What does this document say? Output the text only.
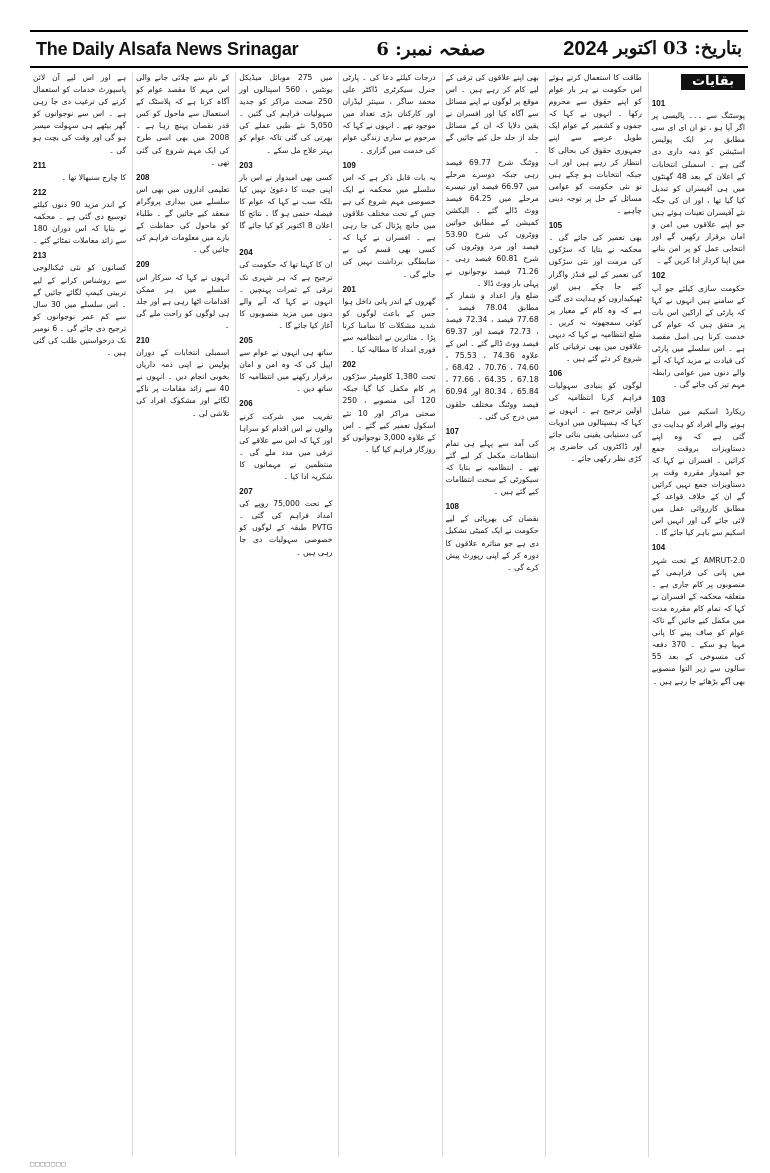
The Daily Alsafa News Srinagar	صفحہ نمبر: 6	بتاریخ:
03
اکتوبر
2024
بقایات
101

پوسٹنگ سے ۔۔۔ پالیسی پر اگر آیا ہو ، تو ان ای ای سی مطابق ہر ایک پولیس اسٹیشن کو ذمہ داری دی گئی ہے ۔ اسمبلی انتخابات کے اعلان کے بعد 48 گھنٹوں میں ہی آفیسران کو تبدیل کیا گیا تھا ، اور ان کی جگہ نئے آفیسران تعینات ہوئے ہیں جو اپنے علاقوں میں امن و امان برقرار رکھیں گے اور انتخابی عمل کو پر امن بنانے میں اپنا کردار ادا کریں گے ۔

102

حکومت سازی کیلئے جو آپ کے سامنے ہیں انہوں نے کہا کہ پارٹی کے اراکین اس بات پر متفق ہیں کہ عوام کی خدمت کرنا ہی اصل مقصد ہے ۔ اس سلسلے میں پارٹی کی قیادت نے مزید کہا کہ آنے والے دنوں میں عوامی رابطہ مہم تیز کی جائے گی ۔

103

ریکارڈ اسکیم میں شامل ہونے والے افراد کو ہدایت دی گئی ہے کہ وہ اپنے دستاویزات بروقت جمع کرائیں ۔ افسران نے کہا کہ جو امیدوار مقررہ وقت پر دستاویزات جمع نہیں کرائیں گے ان کے خلاف قواعد کے مطابق کارروائی عمل میں لائی جائے گی اور انہیں اس اسکیم سے باہر کیا جائے گا ۔

104

AMRUT-2.0 کے تحت شہر میں پانی کی فراہمی کے منصوبوں پر کام جاری ہے ۔ متعلقہ محکمہ کے افسران نے کہا کہ تمام کام مقررہ مدت میں مکمل کیے جائیں گے تاکہ عوام کو صاف پینے کا پانی مہیا ہو سکے ۔ 370 دفعہ کی منسوخی کے بعد 55 سالوں سے زیر التوا منصوبے بھی آگے بڑھائے جا رہے ہیں ۔

طاقت کا استعمال کرتے ہوئے اس حکومت نے ہر بار عوام کو اپنے حقوق سے محروم رکھا ۔ انہوں نے کہا کہ جموں و کشمیر کے عوام ایک طویل عرصے سے اپنے جمہوری حقوق کی بحالی کا انتظار کر رہے ہیں اور اب جبکہ انتخابات ہو چکے ہیں تو نئی حکومت کو عوامی مسائل کے حل پر توجہ دینی چاہیے ۔

105

بھی تعمیر کی جائے گی ۔ محکمہ نے بتایا کہ سڑکوں کی مرمت اور نئی سڑکوں کی تعمیر کے لیے فنڈز واگزار کیے جا چکے ہیں اور ٹھیکیداروں کو ہدایت دی گئی ہے کہ وہ کام کے معیار پر کوئی سمجھوتہ نہ کریں ۔ ضلع انتظامیہ نے کہا کہ دیہی علاقوں میں بھی ترقیاتی کام شروع کر دئے گئے ہیں ۔

106

لوگوں کو بنیادی سہولیات فراہم کرنا انتظامیہ کی اولین ترجیح ہے ۔ انہوں نے کہا کہ ہسپتالوں میں ادویات کی دستیابی یقینی بنائی جائے اور ڈاکٹروں کی حاضری پر کڑی نظر رکھی جائے ۔

بھی اپنے علاقوں کی ترقی کے لیے کام کر رہے ہیں ۔ اس موقع پر لوگوں نے اپنے مسائل سے آگاہ کیا اور افسران نے یقین دلایا کہ ان کے مسائل جلد از جلد حل کیے جائیں گے ۔

ووٹنگ شرح 69.77 فیصد رہی جبکہ دوسرے مرحلے میں 66.97 فیصد اور تیسرے مرحلے میں 64.25 فیصد ووٹ ڈالے گئے ۔ الیکشن کمیشن کے مطابق خواتین ووٹروں کی شرح 53.90 فیصد اور مرد ووٹروں کی شرح 60.81 فیصد رہی ۔ 71.26 فیصد نوجوانوں نے پہلی بار ووٹ ڈالا ۔

ضلع وار اعداد و شمار کے مطابق 78.04 فیصد ، 77.68 فیصد ، 72.34 فیصد ، 72.73 فیصد اور 69.37 فیصد ووٹ ڈالے گئے ۔ اس کے علاوہ 74.36 ، 75.53 ، 74.60 ، 70.76 ، 68.42 ، 67.18 ، 64.35 ، 77.66 ، 65.84 ، 80.34 اور 60.94 فیصد ووٹنگ مختلف حلقوں میں درج کی گئی ۔

107

کی آمد سے پہلے ہی تمام انتظامات مکمل کر لیے گئے تھے ۔ انتظامیہ نے بتایا کہ سیکورٹی کے سخت انتظامات کیے گئے ہیں ۔

108

نقصان کی بھرپائی کے لیے حکومت نے ایک کمیٹی تشکیل دی ہے جو متاثرہ علاقوں کا دورہ کر کے اپنی رپورٹ پیش کرے گی ۔

درجات کیلئے دعا کی ۔ پارٹی جنرل سیکرٹری ڈاکٹر علی محمد ساگر ، سینئر لیڈران اور کارکنان بڑی تعداد میں موجود تھے ۔ انہوں نے کہا کہ مرحوم نے ساری زندگی عوام کی خدمت میں گزاری ۔

109

یہ بات قابل ذکر ہے کہ اس سلسلے میں محکمہ نے ایک خصوصی مہم شروع کی ہے جس کے تحت مختلف علاقوں میں جانچ پڑتال کی جا رہی ہے ۔ افسران نے کہا کہ کسی بھی قسم کی بے ضابطگی برداشت نہیں کی جائے گی ۔

201

گھروں کے اندر پانی داخل ہوا جس کے باعث لوگوں کو شدید مشکلات کا سامنا کرنا پڑا ۔ متاثرین نے انتظامیہ سے فوری امداد کا مطالبہ کیا ۔

202

تحت 1,380 کلومیٹر سڑکوں پر کام مکمل کیا گیا جبکہ 120 آبی منصوبے ، 250 صحتی مراکز اور 10 نئے اسکول تعمیر کیے گئے ۔ اس کے علاوہ 3,000 نوجوانوں کو روزگار فراہم کیا گیا ۔

میں 275 موبائل میڈیکل یونٹس ، 560 اسپتالوں اور 250 صحت مراکز کو جدید سہولیات فراہم کی گئیں ۔ 5,050 نئے طبی عملے کی بھرتی کی گئی تاکہ عوام کو بہتر علاج مل سکے ۔

203

کسی بھی امیدوار نے اس بار اپنی جیت کا دعویٰ نہیں کیا بلکہ سب نے کہا کہ عوام کا فیصلہ حتمی ہو گا ۔ نتائج کا اعلان 8 اکتوبر کو کیا جائے گا ۔

204

ان کا کہنا تھا کہ حکومت کی ترجیح ہے کہ ہر شہری تک ترقی کے ثمرات پہنچیں ۔ انہوں نے کہا کہ آنے والے دنوں میں مزید منصوبوں کا آغاز کیا جائے گا ۔

205

ساتھ ہی انہوں نے عوام سے اپیل کی کہ وہ امن و امان برقرار رکھنے میں انتظامیہ کا ساتھ دیں ۔

206

تقریب میں شرکت کرنے والوں نے اس اقدام کو سراہا اور کہا کہ اس سے علاقے کی ترقی میں مدد ملے گی ۔ منتظمین نے مہمانوں کا شکریہ ادا کیا ۔

207

کے تحت 75,000 روپے کی امداد فراہم کی گئی ۔ PVTG طبقہ کے لوگوں کو خصوصی سہولیات دی جا رہی ہیں ۔

کے نام سے چلائی جانے والی اس مہم کا مقصد عوام کو آگاہ کرنا ہے کہ پلاسٹک کے استعمال سے ماحول کو کس قدر نقصان پہنچ رہا ہے ۔ 2008 میں بھی اسی طرح کی ایک مہم شروع کی گئی تھی ۔

208

تعلیمی اداروں میں بھی اس سلسلے میں بیداری پروگرام منعقد کیے جائیں گے ۔ طلباء کو ماحول کی حفاظت کے بارے میں معلومات فراہم کی جائیں گی ۔

209

انہوں نے کہا کہ سرکار اس سلسلے میں ہر ممکن اقدامات اٹھا رہی ہے اور جلد ہی لوگوں کو راحت ملے گی ۔

210

اسمبلی انتخابات کے دوران پولیس نے اپنی ذمہ داریاں بخوبی انجام دیں ۔ انہوں نے 40 سے زائد مقامات پر ناکے لگائے اور مشکوک افراد کی تلاشی لی ۔

ہے اور اس لیے آن لائن پاسپورٹ خدمات کو استعمال کرنے کی ترغیب دی جا رہی ہے ۔ اس سے نوجوانوں کو گھر بیٹھے ہی سہولت میسر ہو گی اور وقت کی بچت ہو گی ۔

211

کا چارج سنبھالا تھا ۔

212

کے اندر مزید 90 دنوں کیلئے توسیع دی گئی ہے ۔ محکمہ نے بتایا کہ اس دوران 180 سے زائد معاملات نمٹائے گئے ۔

213

کسانوں کو نئی ٹیکنالوجی سے روشناس کرانے کے لیے تربیتی کیمپ لگائے جائیں گے ۔ اس سلسلے میں 30 سال سے کم عمر نوجوانوں کو ترجیح دی جائے گی ۔ 6 نومبر تک درخواستیں طلب کی گئی ہیں ۔

□□□□□□□
